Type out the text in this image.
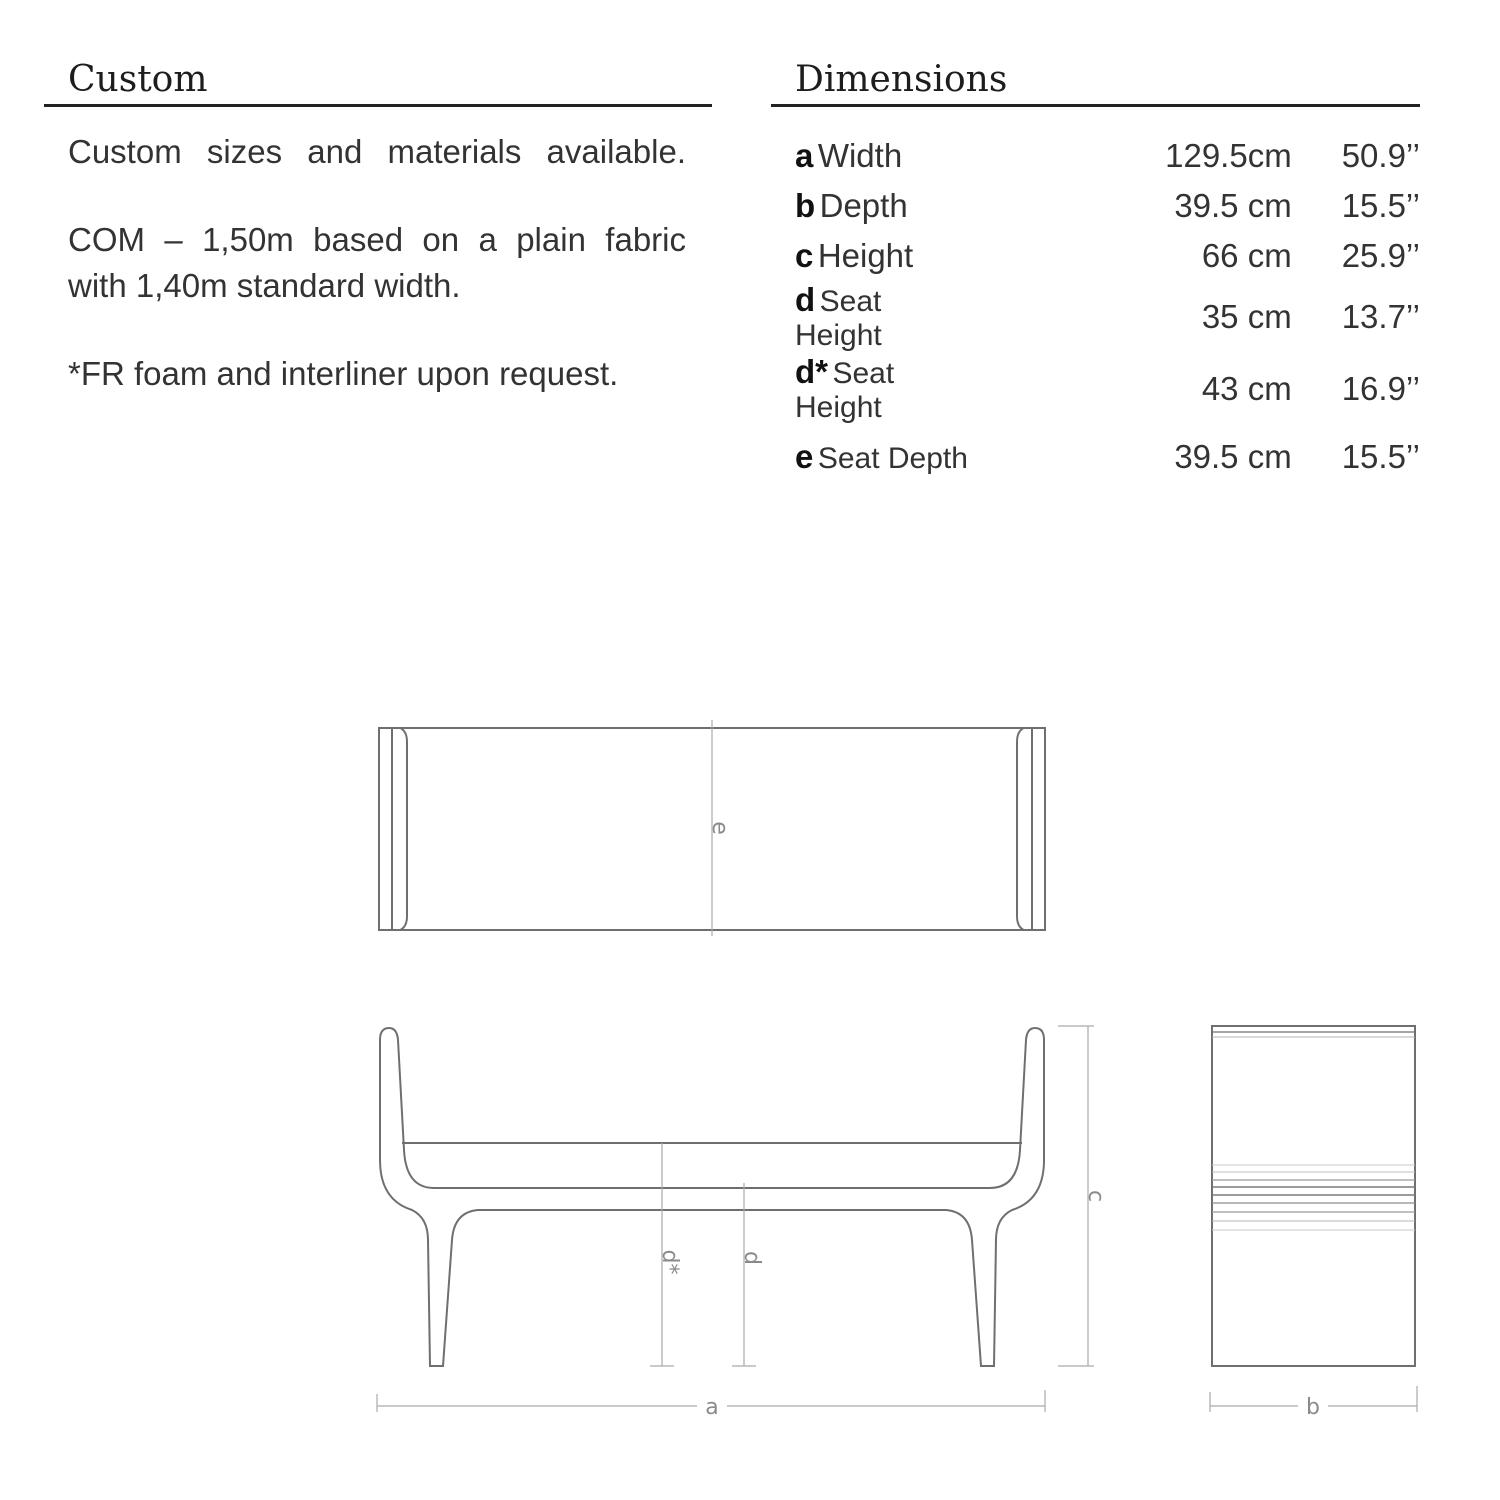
Custom

Custom sizes and materials available.

COM – 1,50m based on a plain fabric
with 1,40m standard width.

*FR foam and interliner upon request.

Dimensions
a Width	129.5cm	50.9’’
b Depth	39.5 cm	15.5’’
c Height	66 cm	25.9’’
d Seat Height	35 cm	13.7’’
d* Seat Height	43 cm	16.9’’
e Seat Depth	39.5 cm	15.5’’
e
d*	d
c
a	b
